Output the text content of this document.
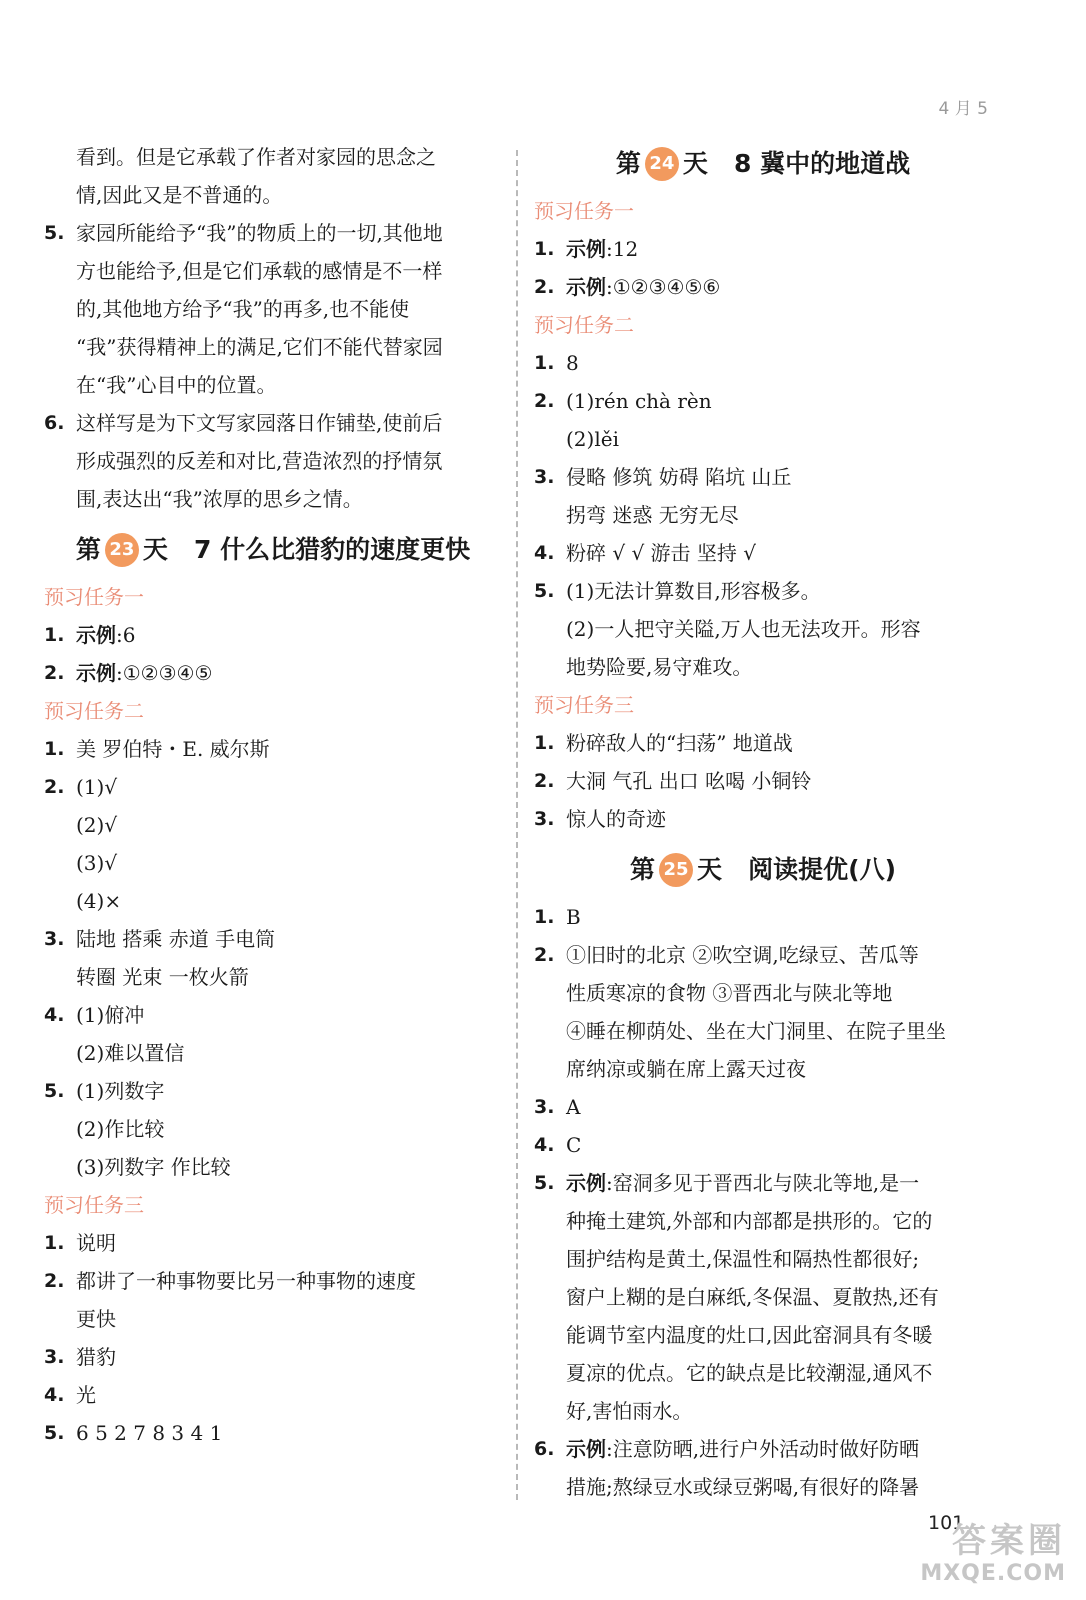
4 月 5
看到。但是它承载了作者对家园的思念之
情,因此又是不普通的。
5. 家园所能给予“我”的物质上的一切,其他地
方也能给予,但是它们承载的感情是不一样
的,其他地方给予“我”的再多,也不能使
“我”获得精神上的满足,它们不能代替家园
在“我”心目中的位置。
6. 这样写是为下文写家园落日作铺垫,使前后
形成强烈的反差和对比,营造浓烈的抒情氛
围,表达出“我”浓厚的思乡之情。
第 23 天 7 什么比猎豹的速度更快
预习任务一
1. 示例:6
2. 示例:①②③④⑤
预习任务二
1. 美 罗伯特・E. 威尔斯
2. (1)√
(2)√
(3)√
(4)×
3. 陆地 搭乘 赤道 手电筒
转圈 光束 一枚火箭
4. (1)俯冲
(2)难以置信
5. (1)列数字
(2)作比较
(3)列数字 作比较
预习任务三
1. 说明
2. 都讲了一种事物要比另一种事物的速度
更快
3. 猎豹
4. 光
5. 6 5 2 7 8 3 4 1
第 24 天 8 冀中的地道战
预习任务一
1. 示例:12
2. 示例:①②③④⑤⑥
预习任务二
1. 8
2. (1)rén chà rèn
(2)lěi
3. 侵略 修筑 妨碍 陷坑 山丘
拐弯 迷惑 无穷无尽
4. 粉碎 √ √ 游击 坚持 √
5. (1)无法计算数目,形容极多。
(2)一人把守关隘,万人也无法攻开。形容
地势险要,易守难攻。
预习任务三
1. 粉碎敌人的“扫荡” 地道战
2. 大洞 气孔 出口 吆喝 小铜铃
3. 惊人的奇迹
第 25 天 阅读提优(八)
1. B
2. ①旧时的北京 ②吹空调,吃绿豆、苦瓜等
性质寒凉的食物 ③晋西北与陕北等地
④睡在柳荫处、坐在大门洞里、在院子里坐
席纳凉或躺在席上露天过夜
3. A
4. C
5. 示例:窑洞多见于晋西北与陕北等地,是一
种掩土建筑,外部和内部都是拱形的。它的
围护结构是黄土,保温性和隔热性都很好;
窗户上糊的是白麻纸,冬保温、夏散热,还有
能调节室内温度的灶口,因此窑洞具有冬暖
夏凉的优点。它的缺点是比较潮湿,通风不
好,害怕雨水。
6. 示例:注意防晒,进行户外活动时做好防晒
措施;熬绿豆水或绿豆粥喝,有很好的降暑
101
答案圈
MXQE.COM
